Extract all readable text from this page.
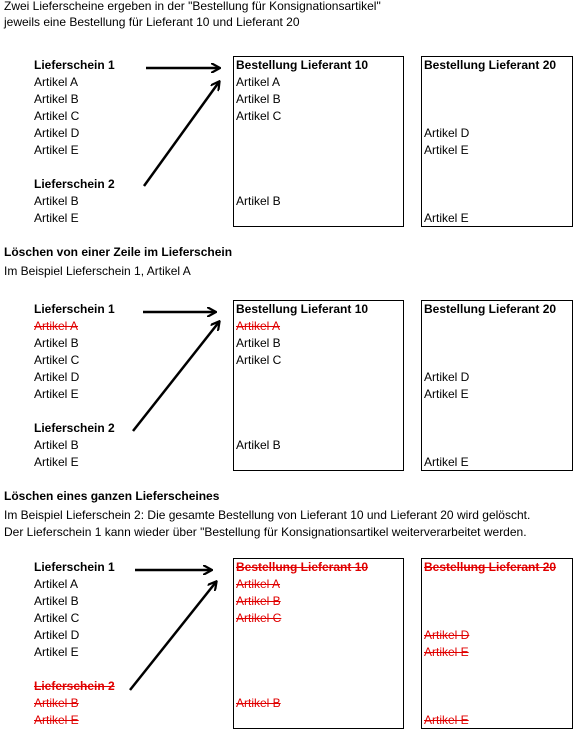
Zwei Lieferscheine ergeben in der "Bestellung für Konsignationsartikel"
jeweils eine Bestellung für Lieferant 10 und Lieferant 20
Lieferschein 1
Artikel A
Artikel B
Artikel C
Artikel D
Artikel E
Lieferschein 2
Artikel B
Artikel E
Bestellung Lieferant 10
Artikel A
Artikel B
Artikel C
Artikel B
Bestellung Lieferant 20
Artikel D
Artikel E
Artikel E
Löschen von einer Zeile im Lieferschein
Im Beispiel Lieferschein 1, Artikel A
Lieferschein 1
Artikel A
Artikel B
Artikel C
Artikel D
Artikel E
Lieferschein 2
Artikel B
Artikel E
Bestellung Lieferant 10
Artikel A
Artikel B
Artikel C
Artikel B
Bestellung Lieferant 20
Artikel D
Artikel E
Artikel E
Löschen eines ganzen Lieferscheines
Im Beispiel Lieferschein 2: Die gesamte Bestellung von Lieferant 10 und Lieferant 20 wird gelöscht.
Der Lieferschein 1 kann wieder über "Bestellung für Konsignationsartikel weiterverarbeitet werden.
Lieferschein 1
Artikel A
Artikel B
Artikel C
Artikel D
Artikel E
Lieferschein 2
Artikel B
Artikel E
Bestellung Lieferant 10
Artikel A
Artikel B
Artikel C
Artikel B
Bestellung Lieferant 20
Artikel D
Artikel E
Artikel E
